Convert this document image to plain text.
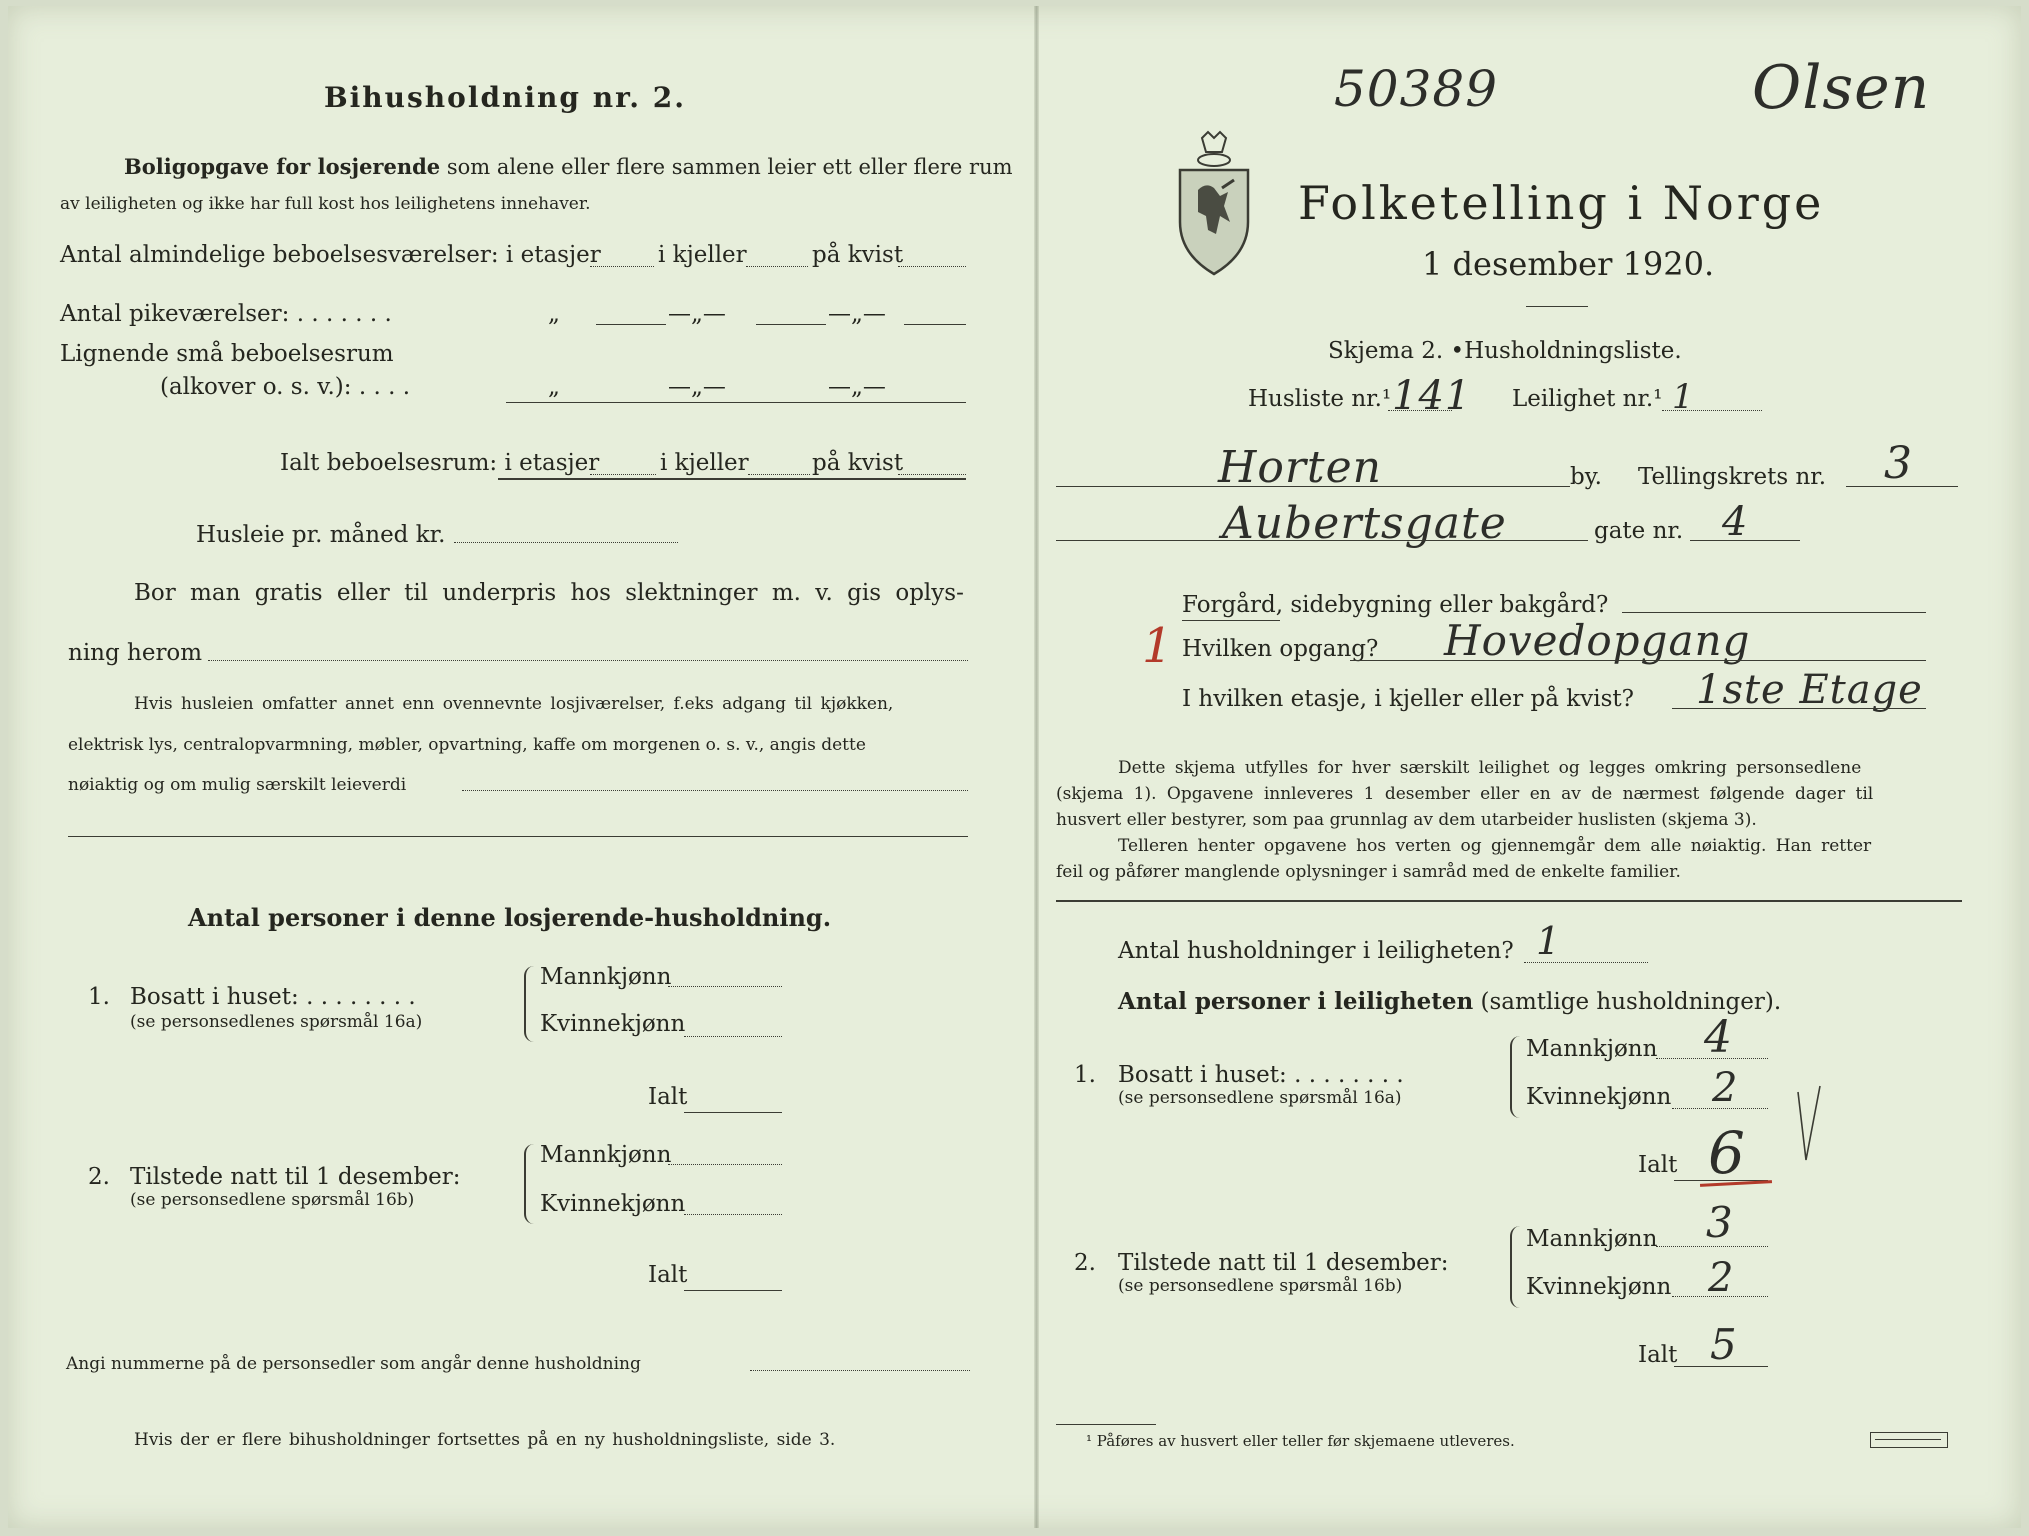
Bihusholdning nr. 2.
Boligopgave for losjerende som alene eller flere sammen leier ett eller flere rum
av leiligheten og ikke har full kost hos leilighetens innehaver.
Antal almindelige beboelsesværelser: i etasjer i kjeller	på kvist
Antal pikeværelser: . . . . . . .	„	—„—	—„—
Lignende små beboelsesrum
(alkover o. s. v.): . . . .	„	—„—	—„—
Ialt beboelsesrum: i etasjer	i kjeller	på kvist
Husleie pr. måned kr.
Bor man gratis eller til underpris hos slektninger m. v. gis oplys-
ning herom
Hvis husleien omfatter annet enn ovennevnte losjiværelser, f.eks adgang til kjøkken,
elektrisk lys, centralopvarmning, møbler, opvartning, kaffe om morgenen o. s. v., angis dette
nøiaktig og om mulig særskilt leieverdi
Antal personer i denne losjerende-husholdning.
1. Bosatt i huset: . . . . . . . .
(se personsedlenes spørsmål 16a)
Mannkjønn
Kvinnekjønn
Ialt
2. Tilstede natt til 1 desember:
(se personsedlene spørsmål 16b)
Mannkjønn
Kvinnekjønn
Ialt
Angi nummerne på de personsedler som angår denne husholdning
Hvis der er flere bihusholdninger fortsettes på en ny husholdningsliste, side 3.
50389	Olsen
Folketelling i Norge
1 desember 1920.
Skjema 2. •Husholdningsliste.
Husliste nr.¹ 141 Leilighet nr.¹ 1
Horten	by. Tellingskrets nr. 3
Aubertsgate	gate nr. 4
Forgård, sidebygning eller bakgård?
1 Hvilken opgang? Hovedopgang
I hvilken etasje, i kjeller eller på kvist? 1ste Etage
Dette skjema utfylles for hver særskilt leilighet og legges omkring personsedlene
(skjema 1). Opgavene innleveres 1 desember eller en av de nærmest følgende dager til
husvert eller bestyrer, som paa grunnlag av dem utarbeider huslisten (skjema 3).
Telleren henter opgavene hos verten og gjennemgår dem alle nøiaktig. Han retter
feil og påfører manglende oplysninger i samråd med de enkelte familier.
Antal husholdninger i leiligheten? 1
Antal personer i leiligheten (samtlige husholdninger).
1. Bosatt i huset: . . . . . . . .
(se personsedlene spørsmål 16a)
Mannkjønn 4
Kvinnekjønn 2
Ialt 6
2. Tilstede natt til 1 desember:
(se personsedlene spørsmål 16b)
Mannkjønn 3
Kvinnekjønn 2
Ialt 5
¹ Påføres av husvert eller teller før skjemaene utleveres.
